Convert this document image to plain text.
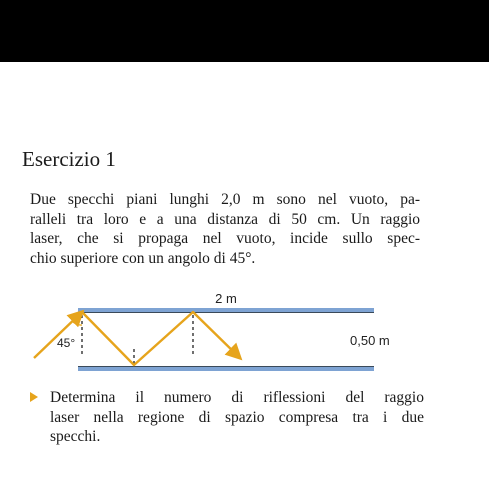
Esercizio 1
Due specchi piani lunghi 2,0 m sono nel vuoto, pa-
ralleli tra loro e a una distanza di 50 cm. Un raggio
laser, che si propaga nel vuoto, incide sullo spec-
chio superiore con un angolo di 45°.
2 m
0,50 m
45°
Determina il numero di riflessioni del raggio
laser nella regione di spazio compresa tra i due
specchi.
